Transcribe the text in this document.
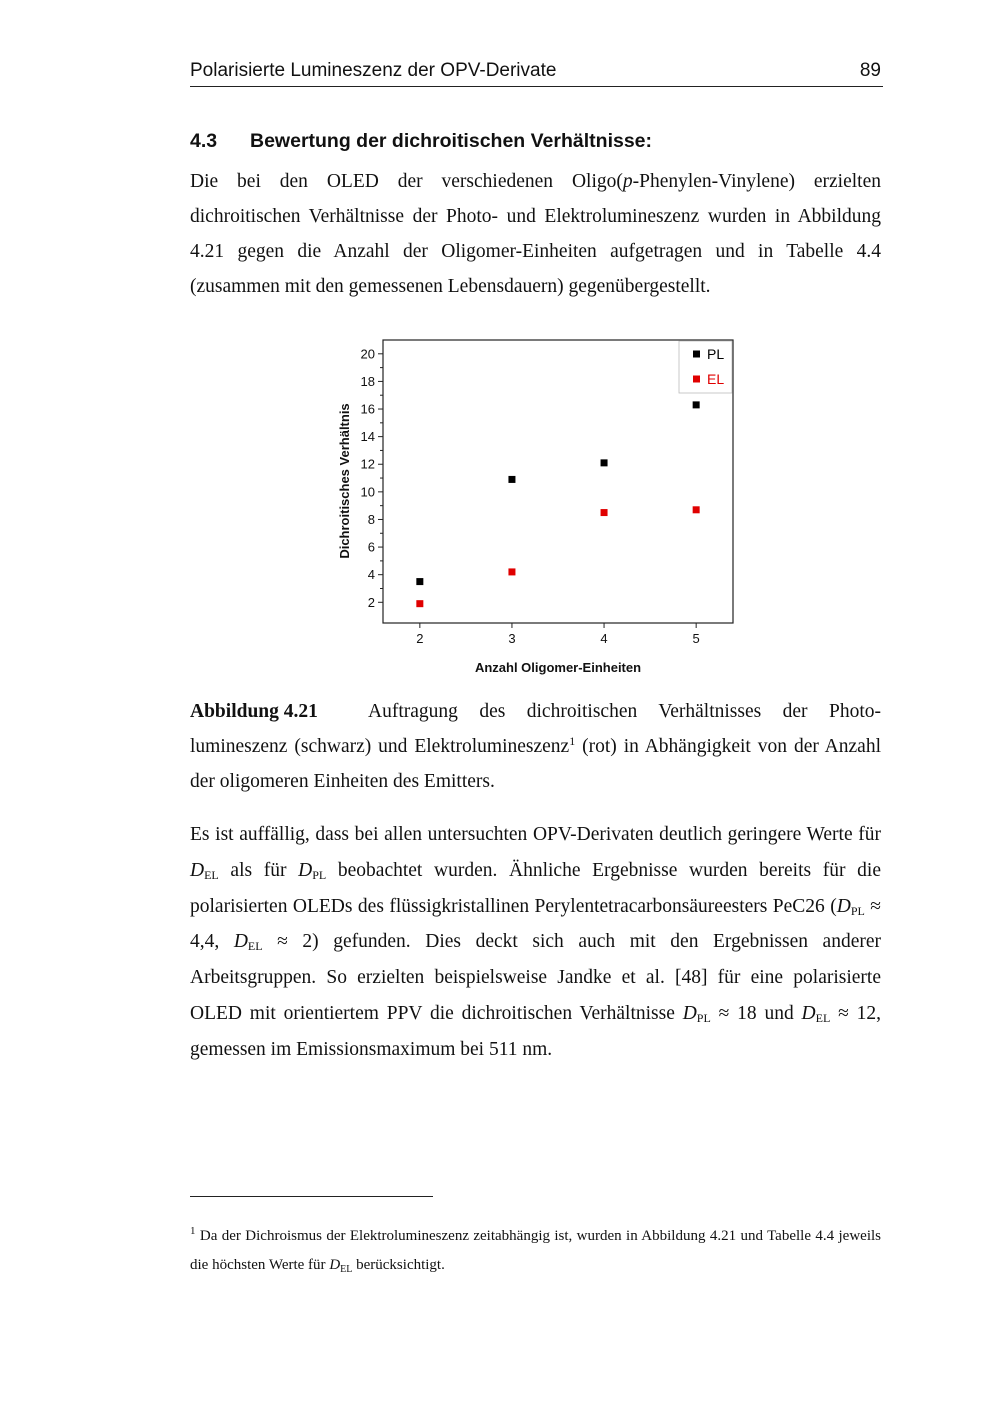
Polarisierte Lumineszenz der OPV-Derivate	89
4.3 Bewertung der dichroitischen Verhältnisse:

Die bei den OLED der verschiedenen Oligo(p-Phenylen-Vinylene) erzielten dichroitischen Verhältnisse der Photo- und Elektrolumineszenz wurden in Abbildung 4.21 gegen die Anzahl der Oligomer-Einheiten aufgetragen und in Tabelle 4.4 (zusammen mit den gemessenen Lebensdauern) gegenübergestellt.

2
4
6
8
10
12
14
16
18
20
2	3	4	5
PL
EL
Anzahl Oligomer-Einheiten
Dichroitisches Verhältnis

Abbildung 4.21	Auftragung des dichroitischen Verhältnisses der Photolumineszenz (schwarz) und Elektrolumineszenz$^1$ (rot) in Abhängigkeit von der Anzahl der oligomeren Einheiten des Emitters.

Es ist auffällig, dass bei allen untersuchten OPV-Derivaten deutlich geringere Werte für $D_{EL}$ als für $D_{PL}$ beobachtet wurden. Ähnliche Ergebnisse wurden bereits für die polarisierten OLEDs des flüssigkristallinen Perylentetracarbonsäureesters PeC26 ($D_{PL} \approx 4,4$, $D_{EL} \approx 2$) gefunden. Dies deckt sich auch mit den Ergebnissen anderer Arbeitsgruppen. So erzielten beispielsweise Jandke et al. [48] für eine polarisierte OLED mit orientiertem PPV die dichroitischen Verhältnisse $D_{PL} \approx 18$ und $D_{EL} \approx 12$, gemessen im Emissionsmaximum bei 511 nm.

$^1$ Da der Dichroismus der Elektrolumineszenz zeitabhängig ist, wurden in Abbildung 4.21 und Tabelle 4.4 jeweils die höchsten Werte für $D_{EL}$ berücksichtigt.
